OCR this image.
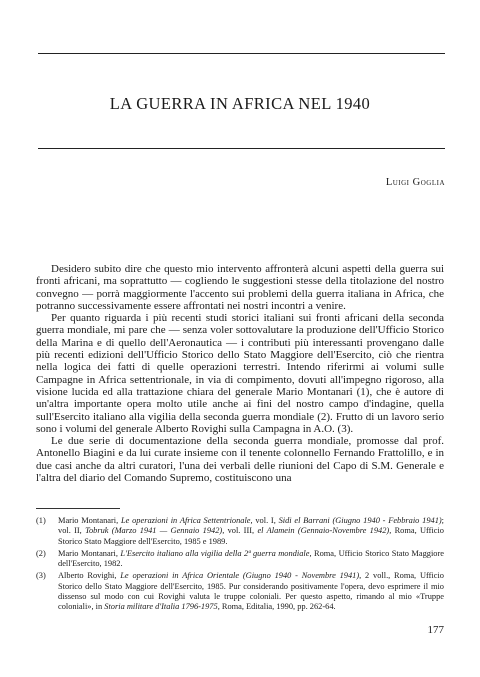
LA GUERRA IN AFRICA NEL 1940
Luigi Goglia

Desidero subito dire che questo mio intervento affronterà alcuni aspetti della guerra sui fronti africani, ma soprattutto — cogliendo le suggestioni stesse della titolazione del nostro convegno — porrà maggiormente l'accento sui problemi della guerra italiana in Africa, che potranno successivamente essere affrontati nei nostri incontri a venire.

Per quanto riguarda i più recenti studi storici italiani sui fronti africani della seconda guerra mondiale, mi pare che — senza voler sottovalutare la produzione dell'Ufficio Storico della Marina e di quello dell'Aeronautica — i contributi più interessanti provengano dalle più recenti edizioni dell'Ufficio Storico dello Stato Maggiore dell'Esercito, ciò che rientra nella logica dei fatti di quelle operazioni terrestri. Intendo riferirmi ai volumi sulle Campagne in Africa settentrionale, in via di compimento, dovuti all'impegno rigoroso, alla visione lucida ed alla trattazione chiara del generale Mario Montanari (1), che è autore di un'altra importante opera molto utile anche ai fini del nostro campo d'indagine, quella sull'Esercito italiano alla vigilia della seconda guerra mondiale (2). Frutto di un lavoro serio sono i volumi del generale Alberto Rovighi sulla Campagna in A.O. (3).

Le due serie di documentazione della seconda guerra mondiale, promosse dal prof. Antonello Biagini e da lui curate insieme con il tenente colonnello Fernando Frattolillo, e in due casi anche da altri curatori, l'una dei verbali delle riunioni del Capo di S.M. Generale e l'altra del diario del Comando Supremo, costituiscono una

(1) Mario Montanari, Le operazioni in Africa Settentrionale, vol. I, Sidi el Barrani (Giugno 1940 - Febbraio 1941); vol. II, Tobruk (Marzo 1941 — Gennaio 1942), vol. III, el Alamein (Gennaio-Novembre 1942), Roma, Ufficio Storico Stato Maggiore dell'Esercito, 1985 e 1989.
(2) Mario Montanari, L'Esercito italiano alla vigilia della 2ª guerra mondiale, Roma, Ufficio Storico Stato Maggiore dell'Esercito, 1982.
(3) Alberto Rovighi, Le operazioni in Africa Orientale (Giugno 1940 - Novembre 1941), 2 voll., Roma, Ufficio Storico dello Stato Maggiore dell'Esercito, 1985. Pur considerando positivamente l'opera, devo esprimere il mio dissenso sul modo con cui Rovighi valuta le truppe coloniali. Per questo aspetto, rimando al mio «Truppe coloniali», in Storia militare d'Italia 1796-1975, Roma, Editalia, 1990, pp. 262-64.
177
